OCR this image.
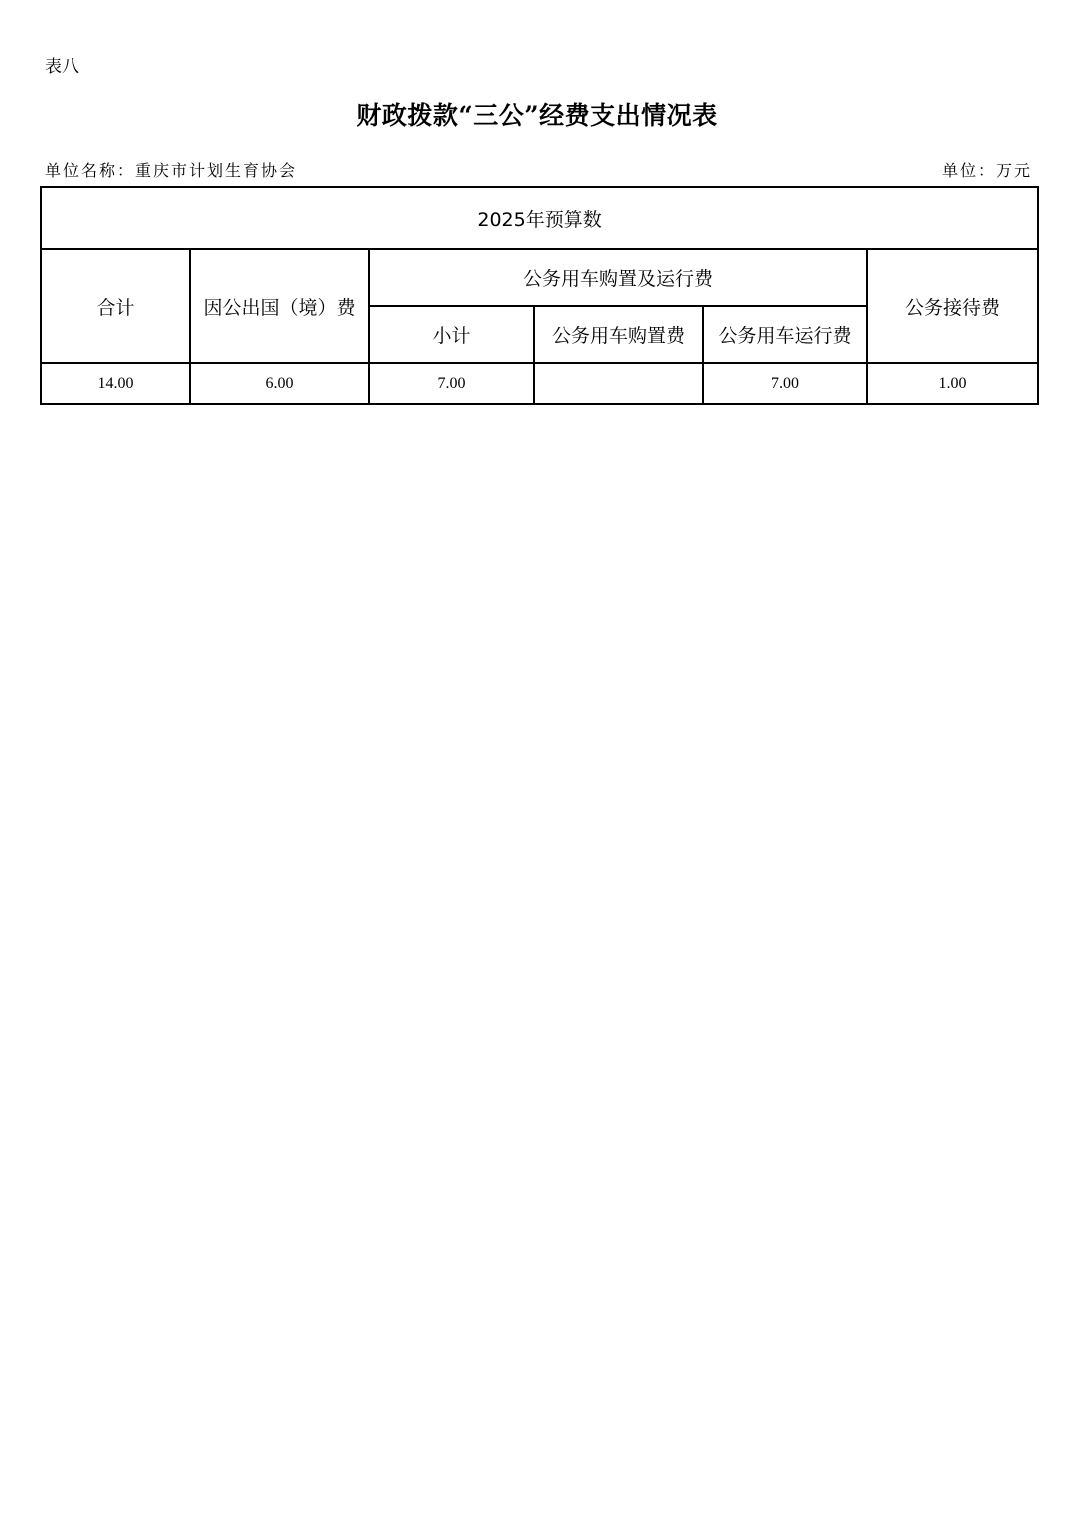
表八
财政拨款“三公”经费支出情况表
单位名称：重庆市计划生育协会	单位：万元
2025年预算数					
合计	因公出国（境）费	公务用车购置及运行费			公务接待费
		小计	公务用车购置费	公务用车运行费	
14.00	6.00	7.00		7.00	1.00
